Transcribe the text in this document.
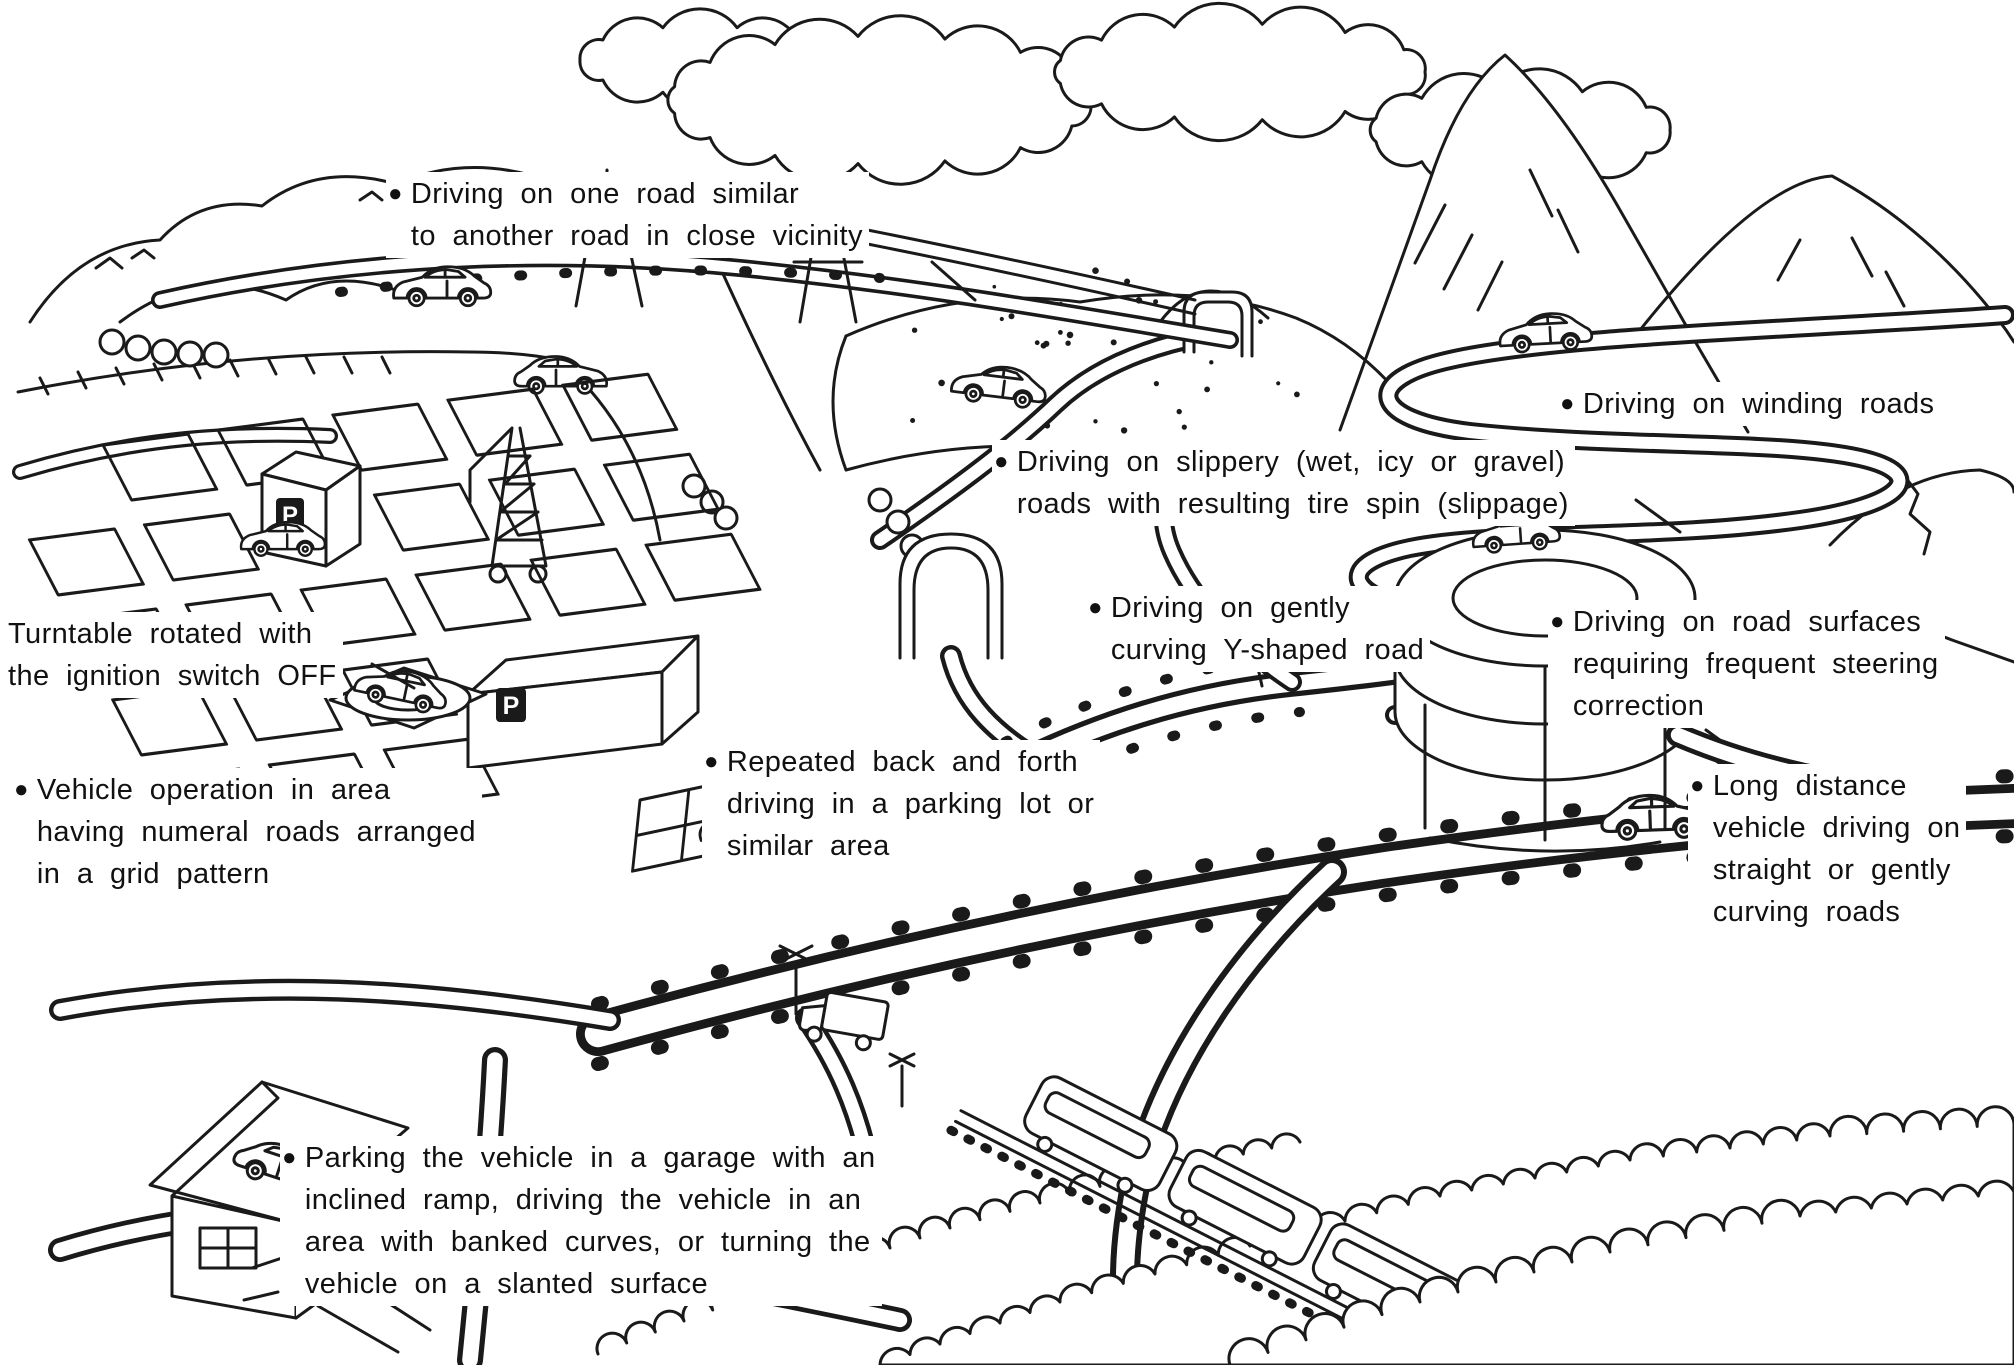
P
P
● Driving on one road similar
to another road in close vicinity
● Driving on winding roads
● Driving on slippery (wet, icy or gravel)
roads with resulting tire spin (slippage)
● Driving on gently
curving Y-shaped road
● Driving on road surfaces
requiring frequent steering
correction
Turntable rotated with
the ignition switch OFF
● Vehicle operation in area
having numeral roads arranged
in a grid pattern
● Repeated back and forth
driving in a parking lot or
similar area
● Long distance
vehicle driving on
straight or gently
curving roads
● Parking the vehicle in a garage with an
inclined ramp, driving the vehicle in an
area with banked curves, or turning the
vehicle on a slanted surface
